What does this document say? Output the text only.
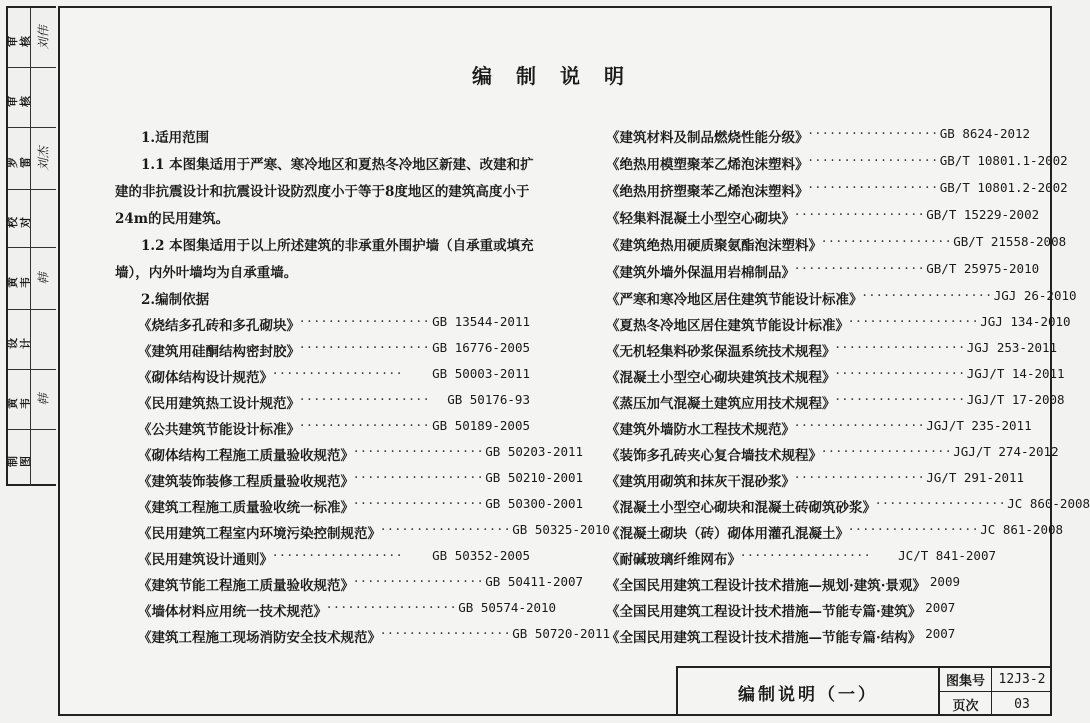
审核 刘伟
审核
罗雷 刘杰
校对
黄韦 韩
设计
黄韦 韩
制图
编制说明
1.适用范围
1.1 本图集适用于严寒、寒冷地区和夏热冬冷地区新建、改建和扩
建的非抗震设计和抗震设计设防烈度小于等于8度地区的建筑高度小于
24m的民用建筑。
1.2 本图集适用于以上所述建筑的非承重外围护墙（自承重或填充
墙），内外叶墙均为自承重墙。
2.编制依据
《烧结多孔砖和多孔砌块》 ·················· GB 13544-2011
《建筑用硅酮结构密封胶》 ·················· GB 16776-2005
《砌体结构设计规范》 ··················	GB 50003-2011
《民用建筑热工设计规范》 ··················	GB 50176-93
《公共建筑节能设计标准》 ·················· GB 50189-2005
《砌体结构工程施工质量验收规范》 ·················· GB 50203-2011
《建筑装饰装修工程质量验收规范》 ·················· GB 50210-2001
《建筑工程施工质量验收统一标准》 ·················· GB 50300-2001
《民用建筑工程室内环境污染控制规范》 ·················· GB 50325-2010
《民用建筑设计通则》 ··················	GB 50352-2005
《建筑节能工程施工质量验收规范》 ·················· GB 50411-2007
《墙体材料应用统一技术规范》 ·················· GB 50574-2010
《建筑工程施工现场消防安全技术规范》 ·················· GB 50720-2011
《建筑材料及制品燃烧性能分级》 ·················· GB 8624-2012
《绝热用模塑聚苯乙烯泡沫塑料》 ·················· GB/T 10801.1-2002
《绝热用挤塑聚苯乙烯泡沫塑料》 ·················· GB/T 10801.2-2002
《轻集料混凝土小型空心砌块》 ·················· GB/T 15229-2002
《建筑绝热用硬质聚氨酯泡沫塑料》 ·················· GB/T 21558-2008
《建筑外墙外保温用岩棉制品》 ·················· GB/T 25975-2010
《严寒和寒冷地区居住建筑节能设计标准》 ·················· JGJ 26-2010
《夏热冬冷地区居住建筑节能设计标准》 ·················· JGJ 134-2010
《无机轻集料砂浆保温系统技术规程》 ·················· JGJ 253-2011
《混凝土小型空心砌块建筑技术规程》 ·················· JGJ/T 14-2011
《蒸压加气混凝土建筑应用技术规程》 ·················· JGJ/T 17-2008
《建筑外墙防水工程技术规范》 ·················· JGJ/T 235-2011
《装饰多孔砖夹心复合墙技术规程》 ·················· JGJ/T 274-2012
《建筑用砌筑和抹灰干混砂浆》 ·················· JG/T 291-2011
《混凝土小型空心砌块和混凝土砖砌筑砂浆》 ·················· JC 860-2008
《混凝土砌块（砖）砌体用灌孔混凝土》 ·················· JC 861-2008
《耐碱玻璃纤维网布》 ··················	JC/T 841-2007
《全国民用建筑工程设计技术措施—规划·建筑·景观》 2009
《全国民用建筑工程设计技术措施—节能专篇·建筑》 2007
《全国民用建筑工程设计技术措施—节能专篇·结构》 2007
编制说明（一）
图集号	12J3-2
页次	03
